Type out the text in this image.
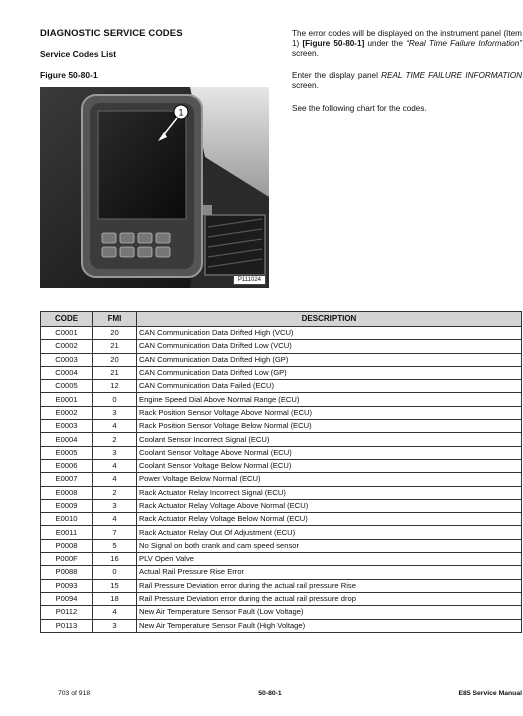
DIAGNOSTIC SERVICE CODES
Service Codes List
Figure 50-80-1
1
P111024
The error codes will be displayed on the instrument panel (Item 1) [Figure 50-80-1] under the “Real Time Failure Information” screen.
Enter the display panel REAL TIME FAILURE INFORMATION screen.
See the following chart for the codes.
CODE	FMI	DESCRIPTION
C0001	20	CAN Communication Data Drifted High (VCU)
C0002	21	CAN Communication Data Drifted Low (VCU)
C0003	20	CAN Communication Data Drifted High (GP)
C0004	21	CAN Communication Data Drifted Low (GP)
C0005	12	CAN Communication Data Failed (ECU)
E0001	0	Engine Speed Dial Above Normal Range (ECU)
E0002	3	Rack Position Sensor Voltage Above Normal (ECU)
E0003	4	Rack Position Sensor Voltage Below Normal (ECU)
E0004	2	Coolant Sensor Incorrect Signal (ECU)
E0005	3	Coolant Sensor Voltage Above Normal (ECU)
E0006	4	Coolant Sensor Voltage Below Normal (ECU)
E0007	4	Power Voltage Below Normal (ECU)
E0008	2	Rack Actuator Relay Incorrect Signal (ECU)
E0009	3	Rack Actuator Relay Voltage Above Normal (ECU)
E0010	4	Rack Actuator Relay Voltage Below Normal (ECU)
E0011	7	Rack Actuator Relay Out Of Adjustment (ECU)
P0008	5	No Signal on both crank and cam speed sensor
P000F	16	PLV Open Valve
P0088	0	Actual Rail Pressure Rise Error
P0093	15	Rail Pressure Deviation error during the actual rail pressure Rise
P0094	18	Rail Pressure Deviation error during the actual rail pressure drop
P0112	4	New Air Temperature Sensor Fault (Low Voltage)
P0113	3	New Air Temperature Sensor Fault (High Voltage)
703 of 918	50-80-1	E85 Service Manual
